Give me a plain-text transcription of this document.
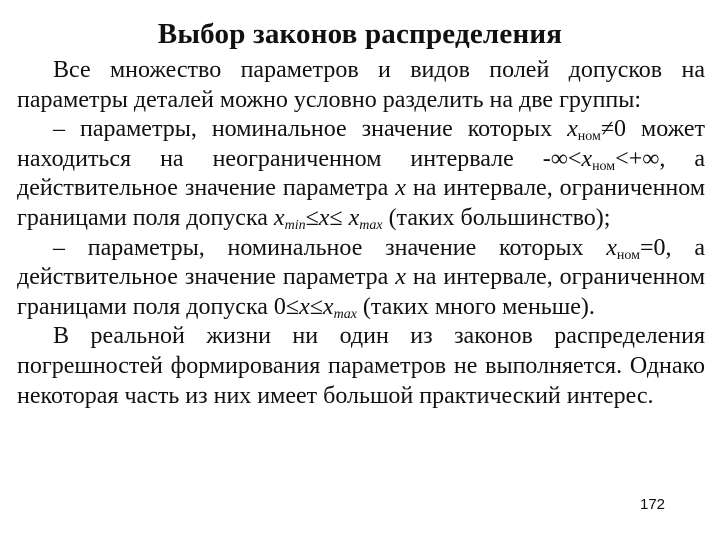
Выбор законов распределения

Все множество параметров и видов полей допусков на параметры деталей можно условно разделить на две группы:

– параметры, номинальное значение которых $x_{ном}\ne 0$ может находиться на неограниченном интервале $-\infty<x_{ном}<+\infty$, а действительное значение параметра x на интервале, ограниченном границами поля допуска $x_{min}\le x\le x_{max}$ (таких большинство);

– параметры, номинальное значение которых $x_{ном}=0$, а действительное значение параметра x на интервале, ограниченном границами поля допуска $0\le x\le x_{max}$ (таких много меньше).

В реальной жизни ни один из законов распределения погрешностей формирования параметров не выполняется. Однако некоторая часть из них имеет большой практический интерес.

172
